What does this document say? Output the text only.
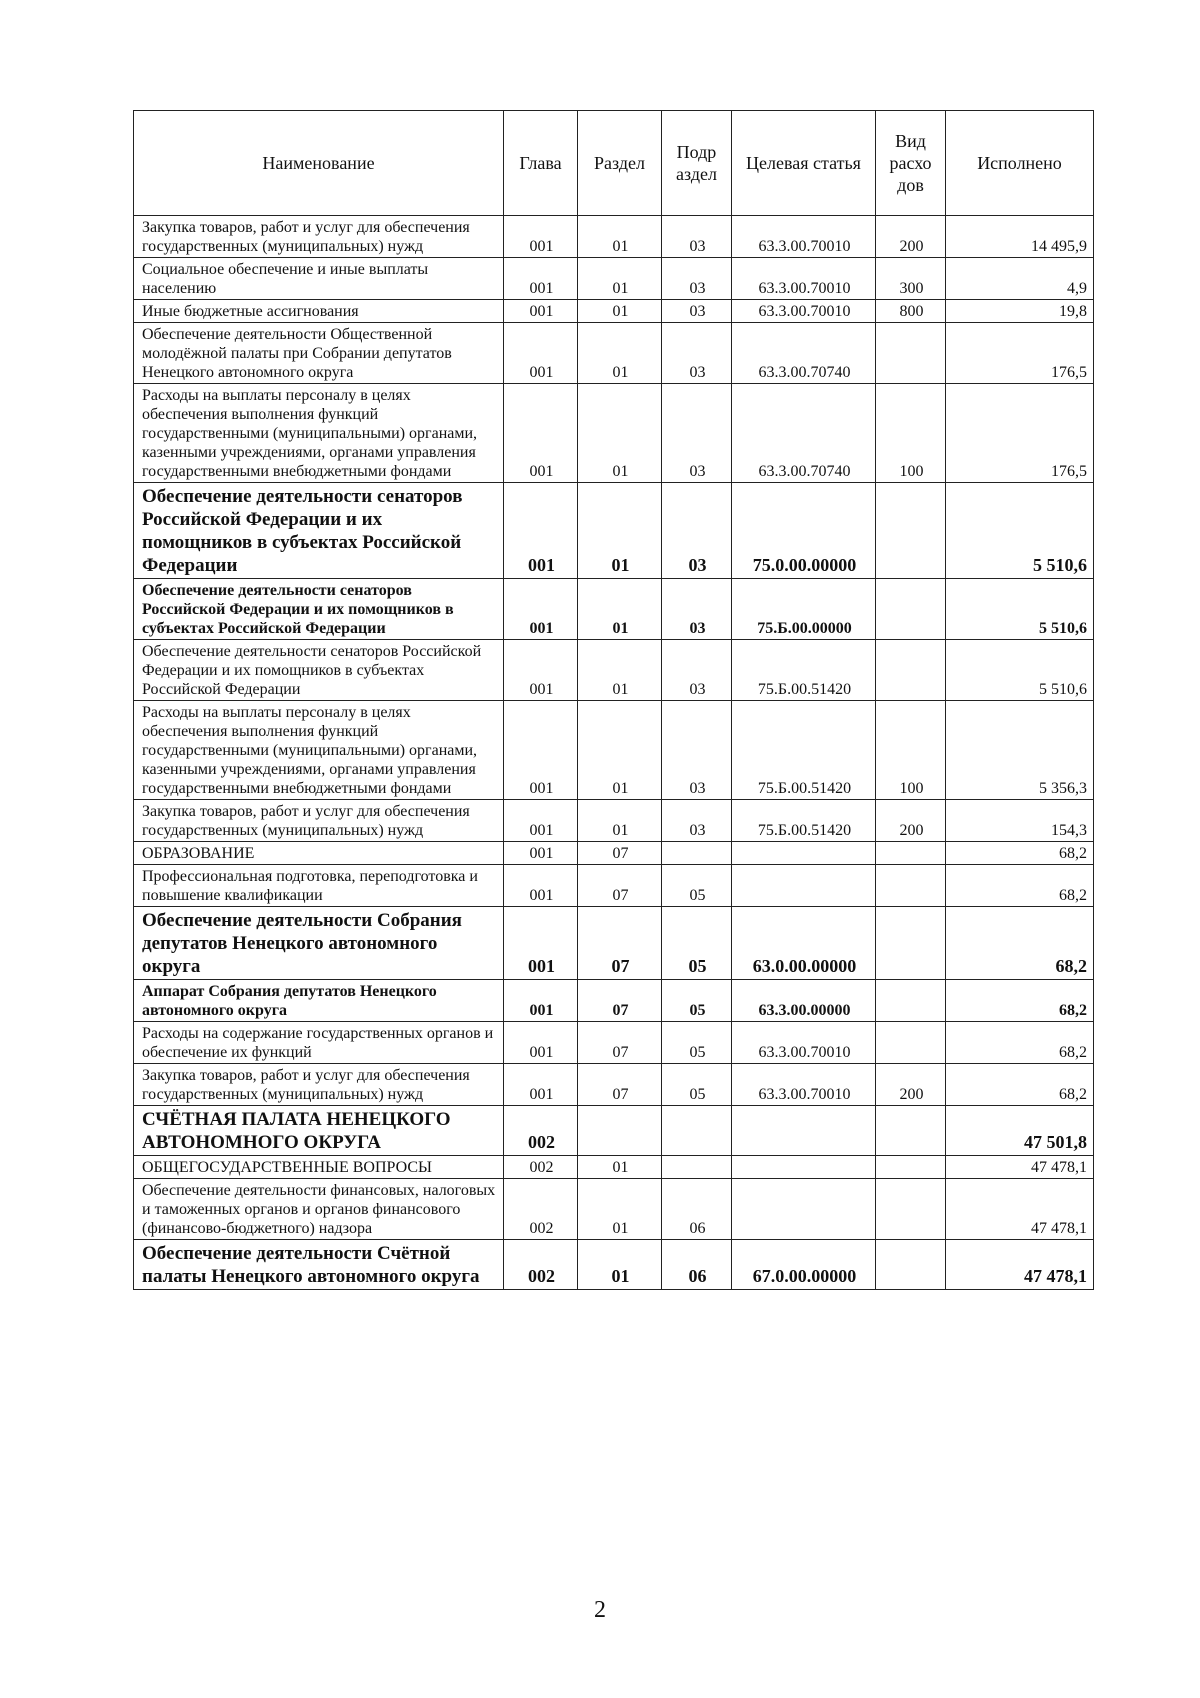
Наименование	Глава	Раздел	Подр аздел	Целевая статья	Вид расхо дов	Исполнено
Закупка товаров, работ и услуг для обеспечения государственных (муниципальных) нужд	001	01	03	63.3.00.70010	200	14 495,9
Социальное обеспечение и иные выплаты населению	001	01	03	63.3.00.70010	300	4,9
Иные бюджетные ассигнования	001	01	03	63.3.00.70010	800	19,8
Обеспечение деятельности Общественной молодёжной палаты при Собрании депутатов Ненецкого автономного округа	001	01	03	63.3.00.70740		176,5
Расходы на выплаты персоналу в целях обеспечения выполнения функций государственными (муниципальными) органами, казенными учреждениями, органами управления государственными внебюджетными фондами	001	01	03	63.3.00.70740	100	176,5
Обеспечение деятельности сенаторов Российской Федерации и их помощников в субъектах Российской Федерации	001	01	03	75.0.00.00000		5 510,6
Обеспечение деятельности сенаторов Российской Федерации и их помощников в субъектах Российской Федерации	001	01	03	75.Б.00.00000		5 510,6
Обеспечение деятельности сенаторов Российской Федерации и их помощников в субъектах Российской Федерации	001	01	03	75.Б.00.51420		5 510,6
Расходы на выплаты персоналу в целях обеспечения выполнения функций государственными (муниципальными) органами, казенными учреждениями, органами управления государственными внебюджетными фондами	001	01	03	75.Б.00.51420	100	5 356,3
Закупка товаров, работ и услуг для обеспечения государственных (муниципальных) нужд	001	01	03	75.Б.00.51420	200	154,3
ОБРАЗОВАНИЕ	001	07				68,2
Профессиональная подготовка, переподготовка и повышение квалификации	001	07	05			68,2
Обеспечение деятельности Собрания депутатов Ненецкого автономного округа	001	07	05	63.0.00.00000		68,2
Аппарат Собрания депутатов Ненецкого автономного округа	001	07	05	63.3.00.00000		68,2
Расходы на содержание государственных органов и обеспечение их функций	001	07	05	63.3.00.70010		68,2
Закупка товаров, работ и услуг для обеспечения государственных (муниципальных) нужд	001	07	05	63.3.00.70010	200	68,2
СЧЁТНАЯ ПАЛАТА НЕНЕЦКОГО АВТОНОМНОГО ОКРУГА	002					47 501,8
ОБЩЕГОСУДАРСТВЕННЫЕ ВОПРОСЫ	002	01				47 478,1
Обеспечение деятельности финансовых, налоговых и таможенных органов и органов финансового (финансово-бюджетного) надзора	002	01	06			47 478,1
Обеспечение деятельности Счётной палаты Ненецкого автономного округа	002	01	06	67.0.00.00000		47 478,1
2
